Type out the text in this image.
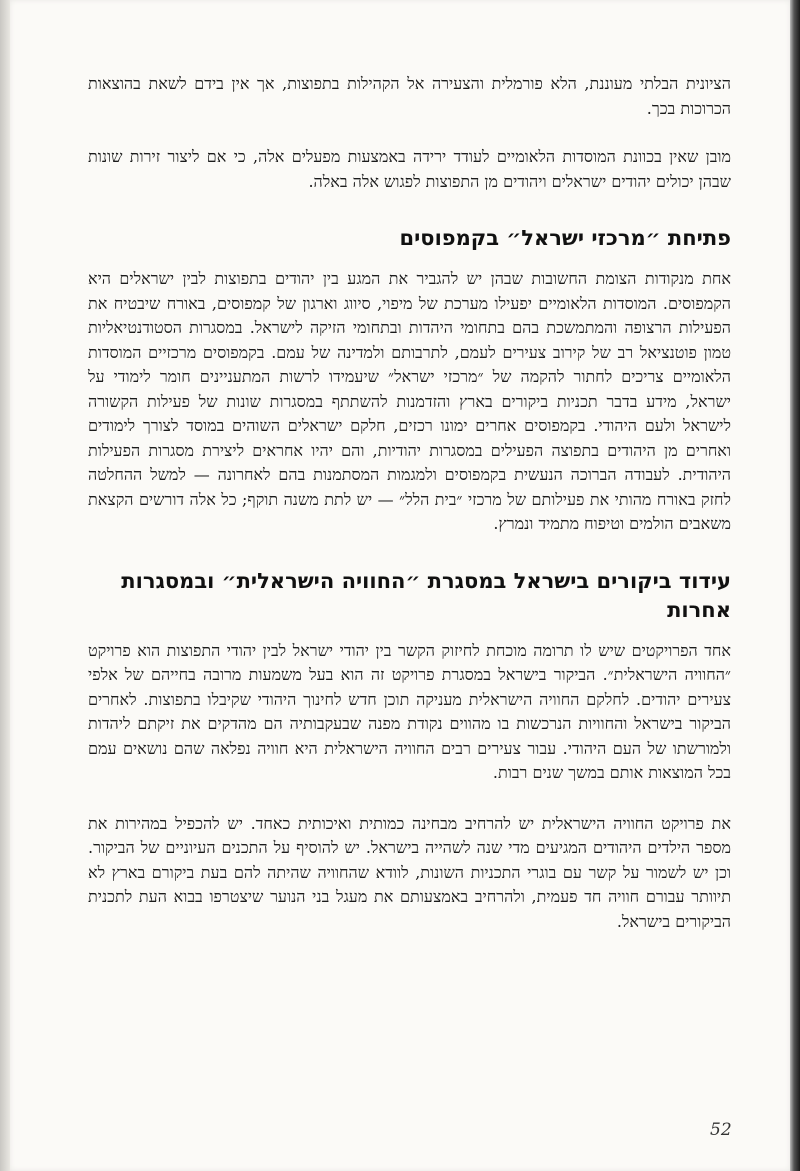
הציונית הבלתי מעוננת, הלא פורמלית והצעירה אל הקהילות בתפוצות, אך אין בידם לשאת בהוצאות הכרוכות בכך.

מובן שאין בכוונת המוסדות הלאומיים לעודד ירידה באמצעות מפעלים אלה, כי אם ליצור זירות שונות שבהן יכולים יהודים ישראלים ויהודים מן התפוצות לפגוש אלה באלה.

פתיחת ״מרכזי ישראל״ בקמפוסים

אחת מנקודות הצומת החשובות שבהן יש להגביר את המגע בין יהודים בתפוצות לבין ישראלים היא הקמפוסים. המוסדות הלאומיים יפעילו מערכת של מיפוי, סיווג וארגון של קמפוסים, באורח שיבטיח את הפעילות הרצופה והמתמשכת בהם בתחומי היהדות ובתחומי הזיקה לישראל. במסגרות הסטודנטיאליות טמון פוטנציאל רב של קירוב צעירים לעמם, לתרבותם ולמדינה של עמם. בקמפוסים מרכזיים המוסדות הלאומיים צריכים לחתור להקמה של ״מרכזי ישראל״ שיעמידו לרשות המתעניינים חומר לימודי על ישראל, מידע בדבר תכניות ביקורים בארץ והזדמנות להשתתף במסגרות שונות של פעילות הקשורה לישראל ולעם היהודי. בקמפוסים אחרים ימונו רכזים, חלקם ישראלים השוהים במוסד לצורך לימודים ואחרים מן היהודים בתפוצה הפעילים במסגרות יהודיות, והם יהיו אחראים ליצירת מסגרות הפעילות היהודית. לעבודה הברוכה הנעשית בקמפוסים ולמגמות המסתמנות בהם לאחרונה — למשל ההחלטה לחזק באורח מהותי את פעילותם של מרכזי ״בית הלל״ — יש לתת משנה תוקף; כל אלה דורשים הקצאת משאבים הולמים וטיפוח מתמיד ונמרץ.

עידוד ביקורים בישראל במסגרת ״החוויה הישראלית״ ובמסגרות אחרות

אחד הפרויקטים שיש לו תרומה מוכחת לחיזוק הקשר בין יהודי ישראל לבין יהודי התפוצות הוא פרויקט ״החוויה הישראלית״. הביקור בישראל במסגרת פרויקט זה הוא בעל משמעות מרובה בחייהם של אלפי צעירים יהודים. לחלקם החוויה הישראלית מעניקה תוכן חדש לחינוך היהודי שקיבלו בתפוצות. לאחרים הביקור בישראל והחוויות הנרכשות בו מהווים נקודת מפנה שבעקבותיה הם מהדקים את זיקתם ליהדות ולמורשתו של העם היהודי. עבור צעירים רבים החוויה הישראלית היא חוויה נפלאה שהם נושאים עמם בכל המוצאות אותם במשך שנים רבות.

את פרויקט החוויה הישראלית יש להרחיב מבחינה כמותית ואיכותית כאחד. יש להכפיל במהירות את מספר הילדים היהודים המגיעים מדי שנה לשהייה בישראל. יש להוסיף על התכנים העיוניים של הביקור. וכן יש לשמור על קשר עם בוגרי התכניות השונות, לוודא שהחוויה שהיתה להם בעת ביקורם בארץ לא תיוותר עבורם חוויה חד פעמית, ולהרחיב באמצעותם את מעגל בני הנוער שיצטרפו בבוא העת לתכנית הביקורים בישראל.

52
